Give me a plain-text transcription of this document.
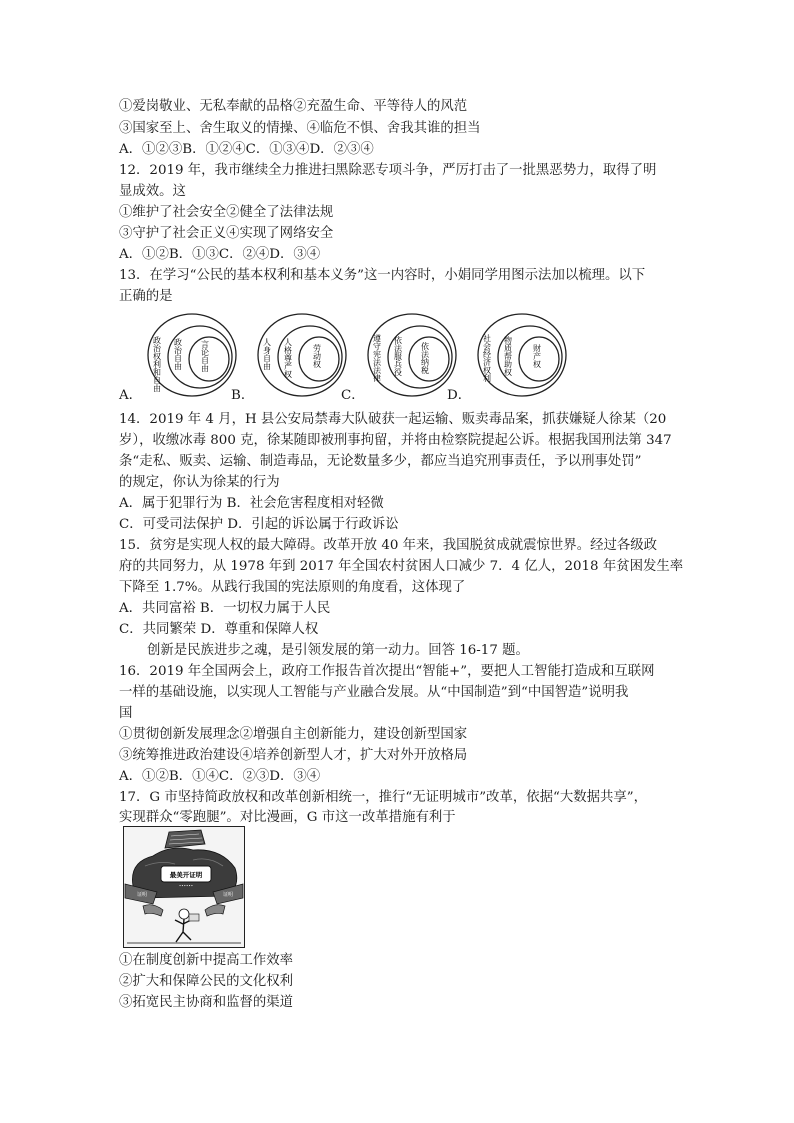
①爱岗敬业、无私奉献的品格②充盈生命、平等待人的风范
③国家至上、舍生取义的情操、④临危不惧、舍我其谁的担当
A．①②③B．①②④C．①③④D．②③④
12．2019 年，我市继续全力推进扫黑除恶专项斗争，严厉打击了一批黑恶势力，取得了明
显成效。这
①维护了社会安全②健全了法律法规
③守护了社会正义④实现了网络安全
A．①②B．①③C．②④D．③④
13．在学习“公民的基本权利和基本义务”这一内容时，小娟同学用图示法加以梳理。以下
正确的是
A．
政治权利和自由 政治自由 言论自由
B．
人身自由 人格尊严权	劳动权
C．
遵守宪法法律 依法服兵役 依法纳税
D．
社会经济权利 物质帮助权	财产权
14．2019 年 4 月，H 县公安局禁毒大队破获一起运输、贩卖毒品案，抓获嫌疑人徐某（20
岁），收缴冰毒 800 克，徐某随即被刑事拘留，并将由检察院提起公诉。根据我国刑法第 347
条“走私、贩卖、运输、制造毒品，无论数量多少，都应当追究刑事责任，予以刑事处罚”
的规定，你认为徐某的行为
A．属于犯罪行为 B．社会危害程度相对轻微
C．可受司法保护 D．引起的诉讼属于行政诉讼
15．贫穷是实现人权的最大障碍。改革开放 40 年来，我国脱贫成就震惊世界。经过各级政
府的共同努力，从 1978 年到 2017 年全国农村贫困人口减少 7．4 亿人，2018 年贫困发生率
下降至 1.7%。从践行我国的宪法原则的角度看，这体现了
A．共同富裕 B．一切权力属于人民
C．共同繁荣 D．尊重和保障人权
创新是民族进步之魂，是引领发展的第一动力。回答 16-17 题。
16．2019 年全国两会上，政府工作报告首次提出“智能+”，要把人工智能打造成和互联网
一样的基础设施，以实现人工智能与产业融合发展。从“中国制造”到“中国智造”说明我
国
①贯彻创新发展理念②增强自主创新能力，建设创新型国家
③统筹推进政治建设④培养创新型人才，扩大对外开放格局
A．①②B．①④C．②③D．③④
17．G 市坚持简政放权和改革创新相统一，推行“无证明城市”改革，依据“大数据共享”，
实现群众“零跑腿”。对比漫画，G 市这一改革措施有利于
最美开证明
••••••
证明	证明
①在制度创新中提高工作效率
②扩大和保障公民的文化权利
③拓宽民主协商和监督的渠道
